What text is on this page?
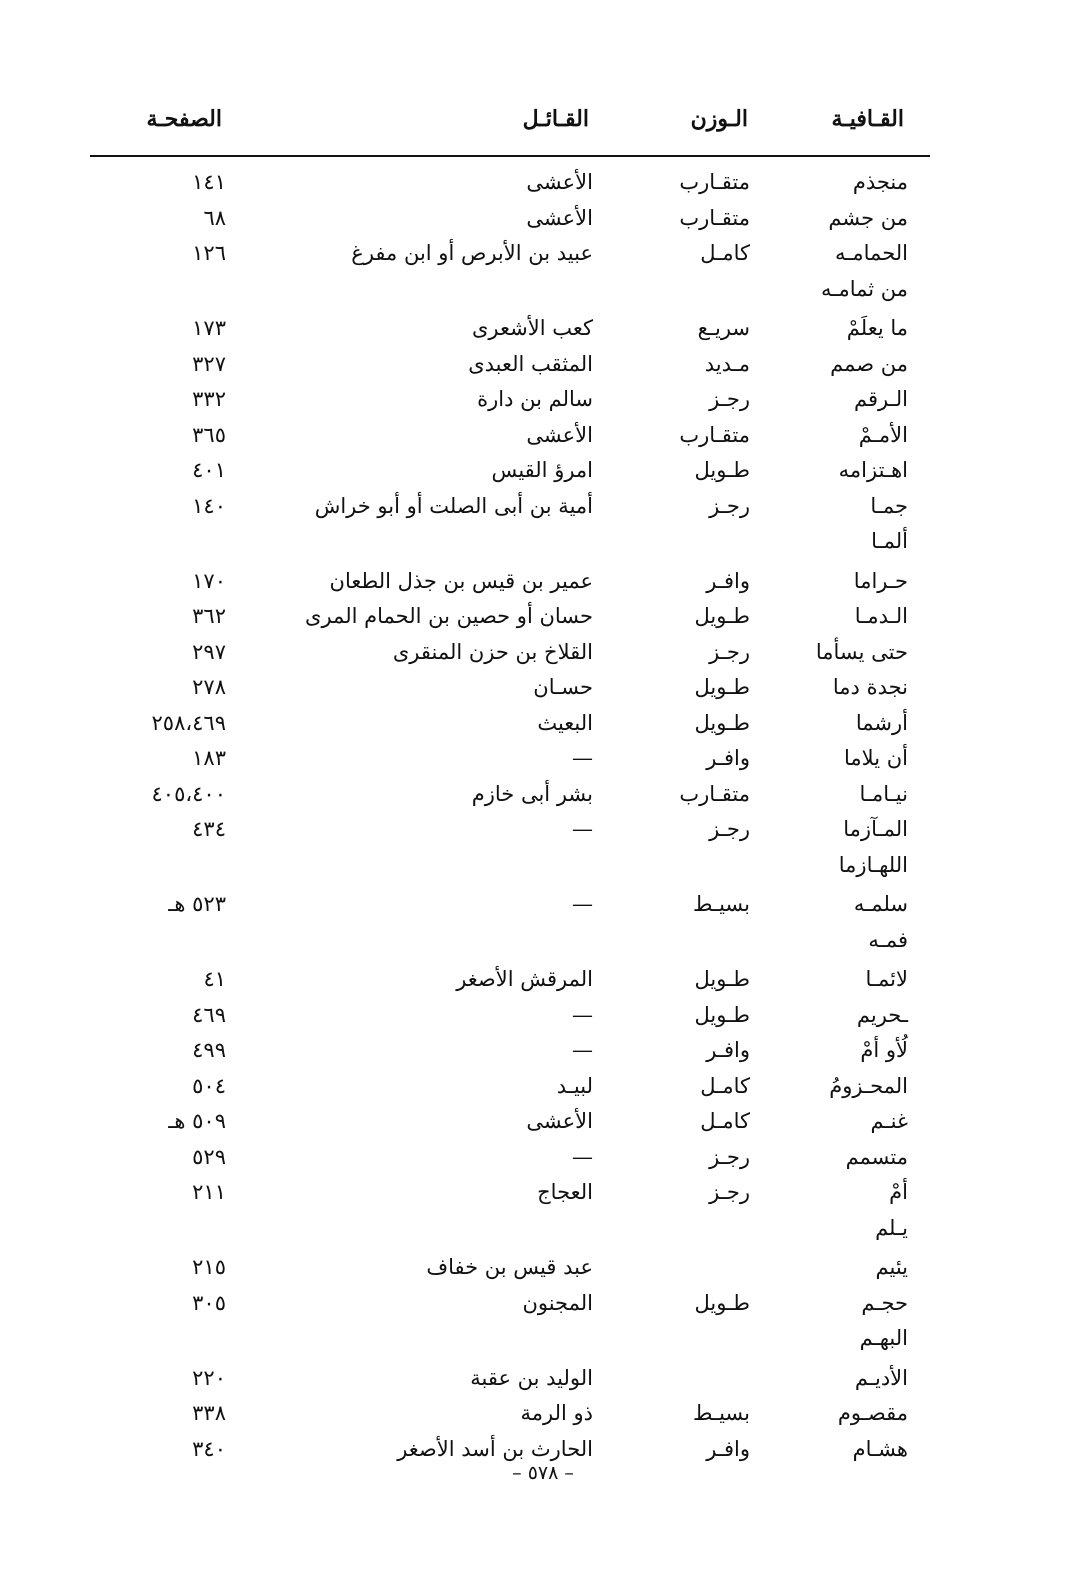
القـافيـة
الـوزن
القـائـل
الصفحـة
منجذم
متقـارب
الأعشى
١٤١
من جشم
متقـارب
الأعشى
٦٨
الحمامـه
كامـل
عبيد بن الأبرص أو ابن مفرغ
١٢٦
من ثمامـه
ما يعلَمْ
سريـع
كعب الأشعرى
١٧٣
من صمم
مـديد
المثقب العبدى
٣٢٧
الـرقم
رجـز
سالم بن دارة
٣٣٢
الأمـمْ
متقـارب
الأعشى
٣٦٥
اهـتزامه
طـويل
امرؤ القيس
٤٠١
جمـا
رجـز
أمية بن أبى الصلت أو أبو خراش
١٤٠
ألمـا
حـراما
وافـر
عمير بن قيس بن جذل الطعان
١٧٠
الـدمـا
طـويل
حسان أو حصين بن الحمام المرى
٣٦٢
حتى يسأما
رجـز
القلاخ بن حزن المنقرى
٢٩٧
نجدة دما
طـويل
حسـان
٢٧٨
أرشما
طـويل
البعيث
٢٥٨،٤٦٩
أن يلاما
وافـر
—
١٨٣
نيـامـا
متقـارب
بشر أبى خازم
٤٠٥،٤٠٠
المـآزما
رجـز
—
٤٣٤
اللهـازما
سلمـه
بسيـط
—
٥٢٣ هـ
فمـه
لائمـا
طـويل
المرقش الأصغر
٤١
ـحريم
طـويل
—
٤٦٩
لُأو أمْ
وافـر
—
٤٩٩
المحـزومُ
كامـل
لبيـد
٥٠٤
غنـم
كامـل
الأعشى
٥٠٩ هـ
متسمم
رجـز
—
٥٢٩
أمْ
رجـز
العجاج
٢١١
يـلم
يئيم
عبد قيس بن خفاف
٢١٥
حجـم
طـويل
المجنون
٣٠٥
البهـم
الأديـم
الوليد بن عقبة
٢٢٠
مقصـوم
بسيـط
ذو الرمة
٣٣٨
هشـام
وافـر
الحارث بن أسد الأصغر
٣٤٠
– ٥٧٨ –
